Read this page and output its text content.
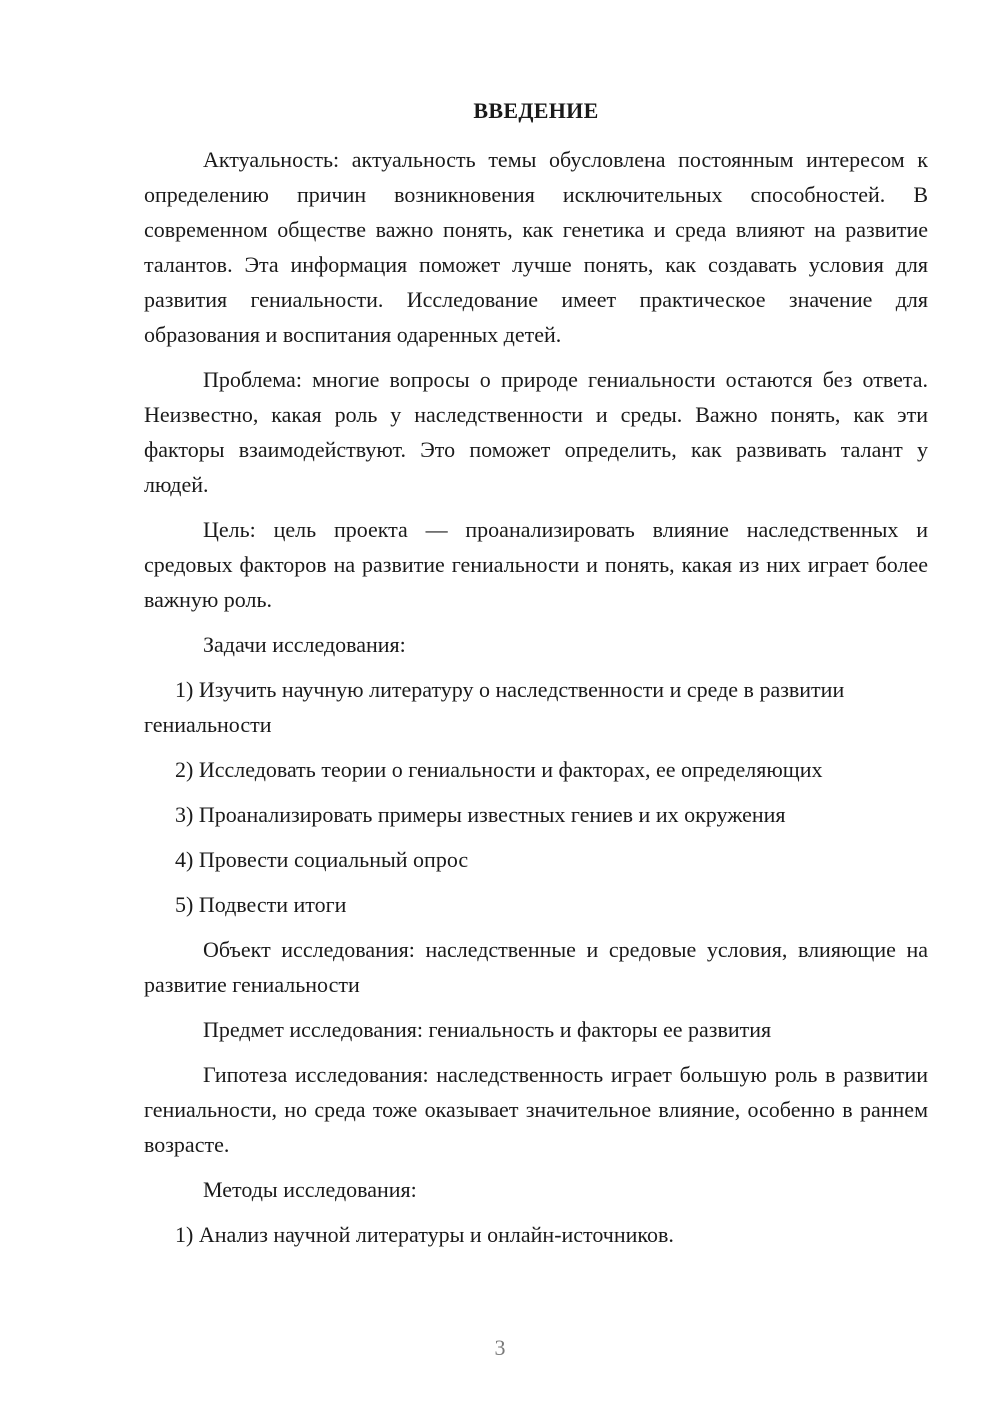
ВВЕДЕНИЕ

Актуальность: актуальность темы обусловлена постоянным интересом к определению причин возникновения исключительных способностей. В современном обществе важно понять, как генетика и среда влияют на развитие талантов. Эта информация поможет лучше понять, как создавать условия для развития гениальности. Исследование имеет практическое значение для образования и воспитания одаренных детей.

Проблема: многие вопросы о природе гениальности остаются без ответа. Неизвестно, какая роль у наследственности и среды. Важно понять, как эти факторы взаимодействуют. Это поможет определить, как развивать талант у людей.

Цель: цель проекта — проанализировать влияние наследственных и средовых факторов на развитие гениальности и понять, какая из них играет более важную роль.

Задачи исследования:

1) Изучить научную литературу о наследственности и среде в развитии гениальности

2) Исследовать теории о гениальности и факторах, ее определяющих

3) Проанализировать примеры известных гениев и их окружения

4) Провести социальный опрос

5) Подвести итоги

Объект исследования: наследственные и средовые условия, влияющие на развитие гениальности

Предмет исследования: гениальность и факторы ее развития

Гипотеза исследования: наследственность играет большую роль в развитии гениальности, но среда тоже оказывает значительное влияние, особенно в раннем возрасте.

Методы исследования:

1) Анализ научной литературы и онлайн-источников.

3
